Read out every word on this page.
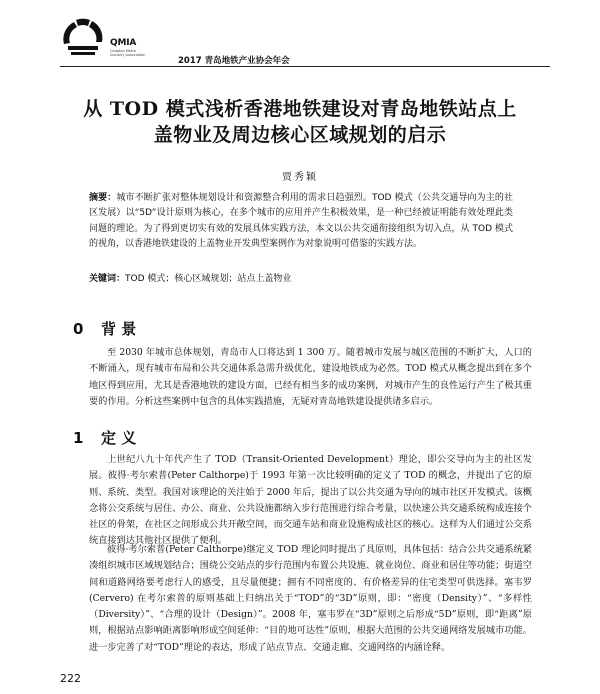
QMIA
Qingdao Metro Industry Association
2017 青岛地铁产业协会年会
从 TOD 模式浅析香港地铁建设对青岛地铁站点上
盖物业及周边核心区域规划的启示
贾秀颖
摘要：城市不断扩张对整体规划设计和资源整合利用的需求日趋强烈。TOD 模式（公共交通导向为主的社区发展）以“5D”设计原则为核心，在多个城市的应用并产生积极效果，是一种已经被证明能有效处理此类问题的理论。为了得到更切实有效的发展具体实践方法，本文以公共交通衔接组织为切入点，从 TOD 模式的视角，以香港地铁建设的上盖物业开发典型案例作为对象说明可借鉴的实践方法。
关键词：TOD 模式；核心区域规划；站点上盖物业
0 背 景
至 2030 年城市总体规划，青岛市人口将达到 1 300 万。随着城市发展与城区范围的不断扩大，人口的不断涌入，现有城市布局和公共交通体系急需升级优化，建设地铁成为必然。TOD 模式从概念提出到在多个地区得到应用，尤其是香港地铁的建设方面，已经有相当多的成功案例，对城市产生的良性运行产生了极其重要的作用。分析这些案例中包含的具体实践措施，无疑对青岛地铁建设提供诸多启示。
1 定 义
上世纪八九十年代产生了 TOD（Transit-Oriented Development）理论，即公交导向为主的社区发展。彼得·考尔索普(Peter Calthorpe)于 1993 年第一次比较明确的定义了 TOD 的概念，并提出了它的原则、系统、类型。我国对该理论的关注始于 2000 年后，提出了以公共交通为导向的城市社区开发模式。该概念将公交系统与居住、办公、商业、公共设施都纳入步行范围进行综合考量，以快速公共交通系统构成连接个社区的骨架，在社区之间形成公共开敞空间，而交通车站和商业设施构成社区的核心。这样为人们通过公交系统直接到达其他社区提供了便利。
彼得·考尔索普(Peter Calthorpe)继定义 TOD 理论同时提出了具原则，具体包括：结合公共交通系统紧凑组织城市区域规划结合；围绕公交站点的步行范围内布置公共设施、就业岗位、商业和居住等功能；街道空间和道路网络要考虑行人的感受，且尽量便捷；拥有不同密度的、有价格差异的住宅类型可供选择。塞韦罗 (Cervero) 在考尔索普的原则基础上归纳出关于“TOD”的“3D”原则，即：“密度（Density）”、“多样性（Diversity）”、“合理的设计（Design）”。2008 年，塞韦罗在“3D”原则之后形成“5D”原则，即“距离”原则，根据站点影响距离影响形成空间延伸：“目的地可达性”原则，根据大范围的公共交通网络发展城市功能。进一步完善了对“TOD”理论的表达，形成了站点节点、交通走廊、交通网络的内涵诠释。
222
